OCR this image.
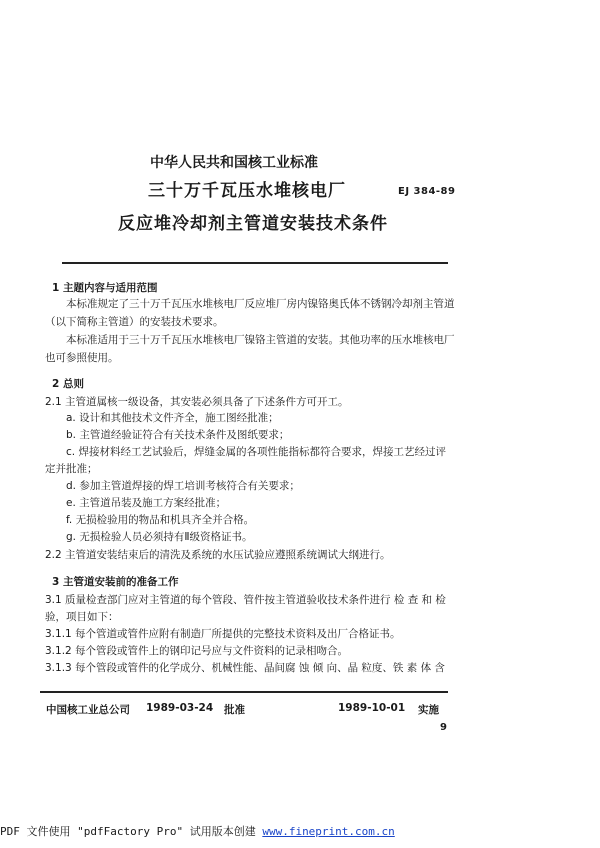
中华人民共和国核工业标准
三十万千瓦压水堆核电厂
反应堆冷却剂主管道安装技术条件
EJ 384-89
1 主题内容与适用范围
本标准规定了三十万千瓦压水堆核电厂反应堆厂房内镍铬奥氏体不锈钢冷却剂主管道
（以下简称主管道）的安装技术要求。
本标准适用于三十万千瓦压水堆核电厂镍铬主管道的安装。其他功率的压水堆核电厂
也可参照使用。
2 总则
2.1 主管道属核一级设备，其安装必须具备了下述条件方可开工。
a. 设计和其他技术文件齐全，施工图经批准；
b. 主管道经验证符合有关技术条件及图纸要求；
c. 焊接材料经工艺试验后，焊缝金属的各项性能指标都符合要求，焊接工艺经过评
定并批准；
d. 参加主管道焊接的焊工培训考核符合有关要求；
e. 主管道吊装及施工方案经批准；
f. 无损检验用的物品和机具齐全并合格。
g. 无损检验人员必须持有Ⅱ级资格证书。
2.2 主管道安装结束后的清洗及系统的水压试验应遵照系统调试大纲进行。
3 主管道安装前的准备工作
3.1 质量检查部门应对主管道的每个管段、管件按主管道验收技术条件进行 检 查 和 检
验，项目如下：
3.1.1 每个管道或管件应附有制造厂所提供的完整技术资料及出厂合格证书。
3.1.2 每个管段或管件上的钢印记号应与文件资料的记录相吻合。
3.1.3 每个管段或管件的化学成分、机械性能、晶间腐 蚀 倾 向、晶 粒度、铁 素 体 含
中国核工业总公司 1989-03-24 批准	1989-10-01 实施
9
PDF 文件使用 "pdfFactory Pro" 试用版本创建 www.fineprint.com.cn
